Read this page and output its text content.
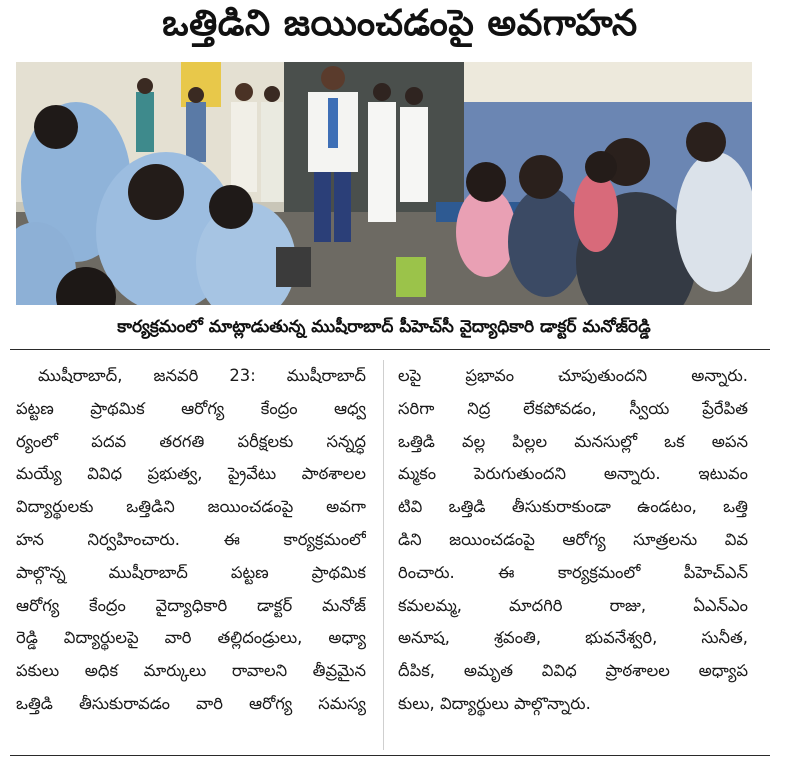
ఒత్తిడిని జయించడంపై అవగాహన
కార్యక్రమంలో మాట్లాడుతున్న ముషీరాబాద్ పీహెచ్‌సీ వైద్యాధికారి డాక్టర్ మనోజ్‌రెడ్డి
ముషీరాబాద్, జనవరి 23: ముషీరాబాద్
పట్టణ ప్రాథమిక ఆరోగ్య కేంద్రం ఆధ్వ
ర్యంలో పదవ తరగతి పరీక్షలకు సన్నద్ధ
మయ్యే వివిధ ప్రభుత్వ, ప్రైవేటు పాఠశాలల
విద్యార్థులకు ఒత్తిడిని జయించడంపై అవగా
హన నిర్వహించారు. ఈ కార్యక్రమంలో
పాల్గొన్న ముషీరాబాద్ పట్టణ ప్రాథమిక
ఆరోగ్య కేంద్రం వైద్యాధికారి డాక్టర్ మనోజ్
రెడ్డి విద్యార్థులపై వారి తల్లిదండ్రులు, అధ్యా
పకులు అధిక మార్కులు రావాలని తీవ్రమైన
ఒత్తిడి తీసుకురావడం వారి ఆరోగ్య సమస్య
లపై ప్రభావం చూపుతుందని అన్నారు.
సరిగా నిద్ర లేకపోవడం, స్వీయ ప్రేరేపిత
ఒత్తిడి వల్ల పిల్లల మనసుల్లో ఒక అపన
మ్మకం పెరుగుతుందని అన్నారు. ఇటువం
టివి ఒత్తిడి తీసుకురాకుండా ఉండటం, ఒత్తి
డిని జయించడంపై ఆరోగ్య సూత్రలను వివ
రించారు. ఈ కార్యక్రమంలో పీహెచ్‌ఎన్
కమలమ్మ, మాదగిరి రాజు, ఏఎన్ఎం
అనూష, శ్రవంతి, భువనేశ్వరి, సునీత,
దీపిక, అమృత వివిధ ప్రాఠశాలల అధ్యాప
కులు, విద్యార్థులు పాల్గొన్నారు.
